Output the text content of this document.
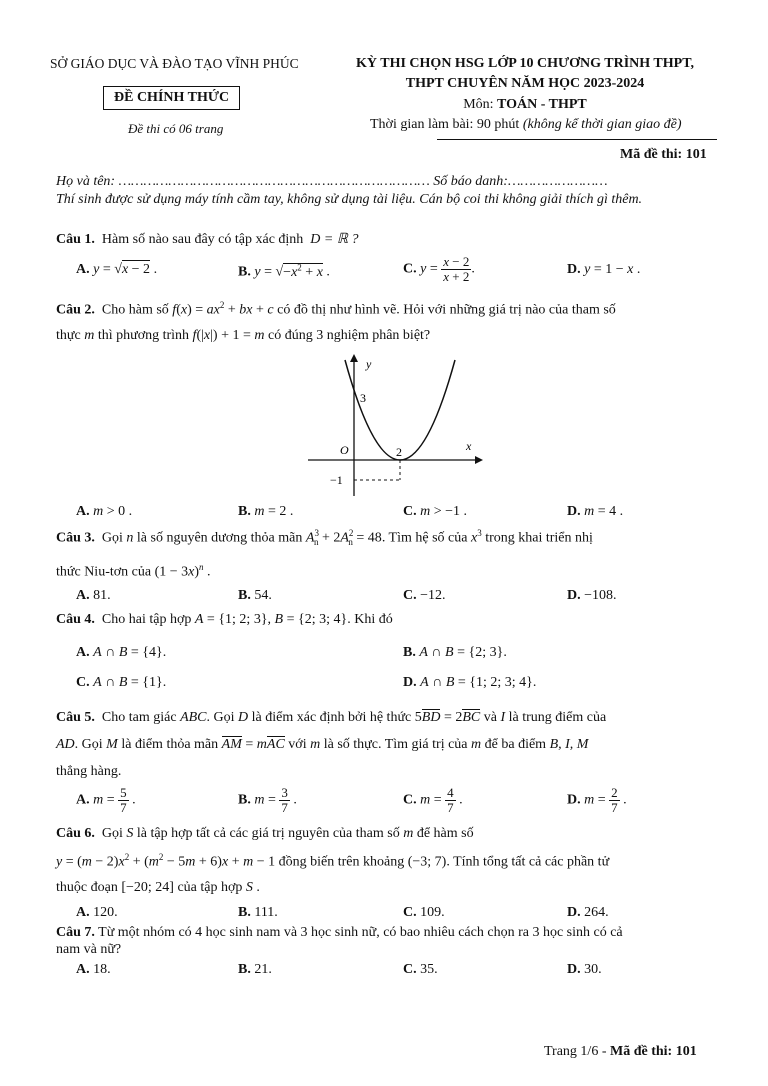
SỞ GIÁO DỤC VÀ ĐÀO TẠO VĨNH PHÚC
ĐỀ CHÍNH THỨC
Đề thi có 06 trang
KỲ THI CHỌN HSG LỚP 10 CHƯƠNG TRÌNH THPT,
THPT CHUYÊN NĂM HỌC 2023-2024
Môn: TOÁN - THPT
Thời gian làm bài: 90 phút (không kể thời gian giao đề)
Mã đề thi: 101
Họ và tên: ………………………………………………………………… Số báo danh:……………………
Thí sinh được sử dụng máy tính cầm tay, không sử dụng tài liệu. Cán bộ coi thi không giải thích gì thêm.
Câu 1. Hàm số nào sau đây có tập xác định D = ℝ ?
A. y = √x − 2 .	B. $y = √-x^2 + x$ .	C. $y = \frac{x - 2}{x + 2}$ .	D. y = 1 − x .
Câu 2. Cho hàm số $f(x) = ax^2$ + bx + c có đồ thị như hình vẽ. Hỏi với những giá trị nào của tham số
thực m thì phương trình f(|x|) + 1 = m có đúng 3 nghiệm phân biệt?
y
x
O
3
2
−1
A. m > 0 .	B. m = 2 .	C. m > −1 .	D. m = 4 .
Câu 3. Gọi n là số nguyên dương thỏa mãn $A^3_n + 2A^2_n = 48$. Tìm hệ số của $x^3$ trong khai triển nhị
thức Niu-tơn của $(1 - 3x)^n$ .
A. 81.	B. 54.	C. −12.	D. −108.
Câu 4. Cho hai tập hợp A = {1; 2; 3}, B = {2; 3; 4}. Khi đó
A. A ∩ B = {4}.	B. A ∩ B = {2; 3}.
C. A ∩ B = {1}.	D. A ∩ B = {1; 2; 3; 4}.
Câu 5. Cho tam giác ABC. Gọi D là điểm xác định bởi hệ thức 5BD = 2BC và I là trung điểm của
AD. Gọi M là điểm thỏa mãn AM = mAC với m là số thực. Tìm giá trị của m để ba điểm B, I, M
thẳng hàng.
A. $m = \frac{5}{7}$ .	B. $m = \frac{3}{7}$ .	C. $m = \frac{4}{7}$ .	D. $m = \frac{2}{7}$ .
Câu 6. Gọi S là tập hợp tất cả các giá trị nguyên của tham số m để hàm số
$y = (m - 2)x^2 + (m^2 - 5m + 6)x + m - 1$ đồng biến trên khoảng (−3; 7). Tính tổng tất cả các phần tử
thuộc đoạn [−20; 24] của tập hợp S .
A. 120.	B. 111.	C. 109.	D. 264.
Câu 7. Từ một nhóm có 4 học sinh nam và 3 học sinh nữ, có bao nhiêu cách chọn ra 3 học sinh có cả
nam và nữ?
A. 18.	B. 21.	C. 35.	D. 30.
Trang 1/6 - Mã đề thi: 101
